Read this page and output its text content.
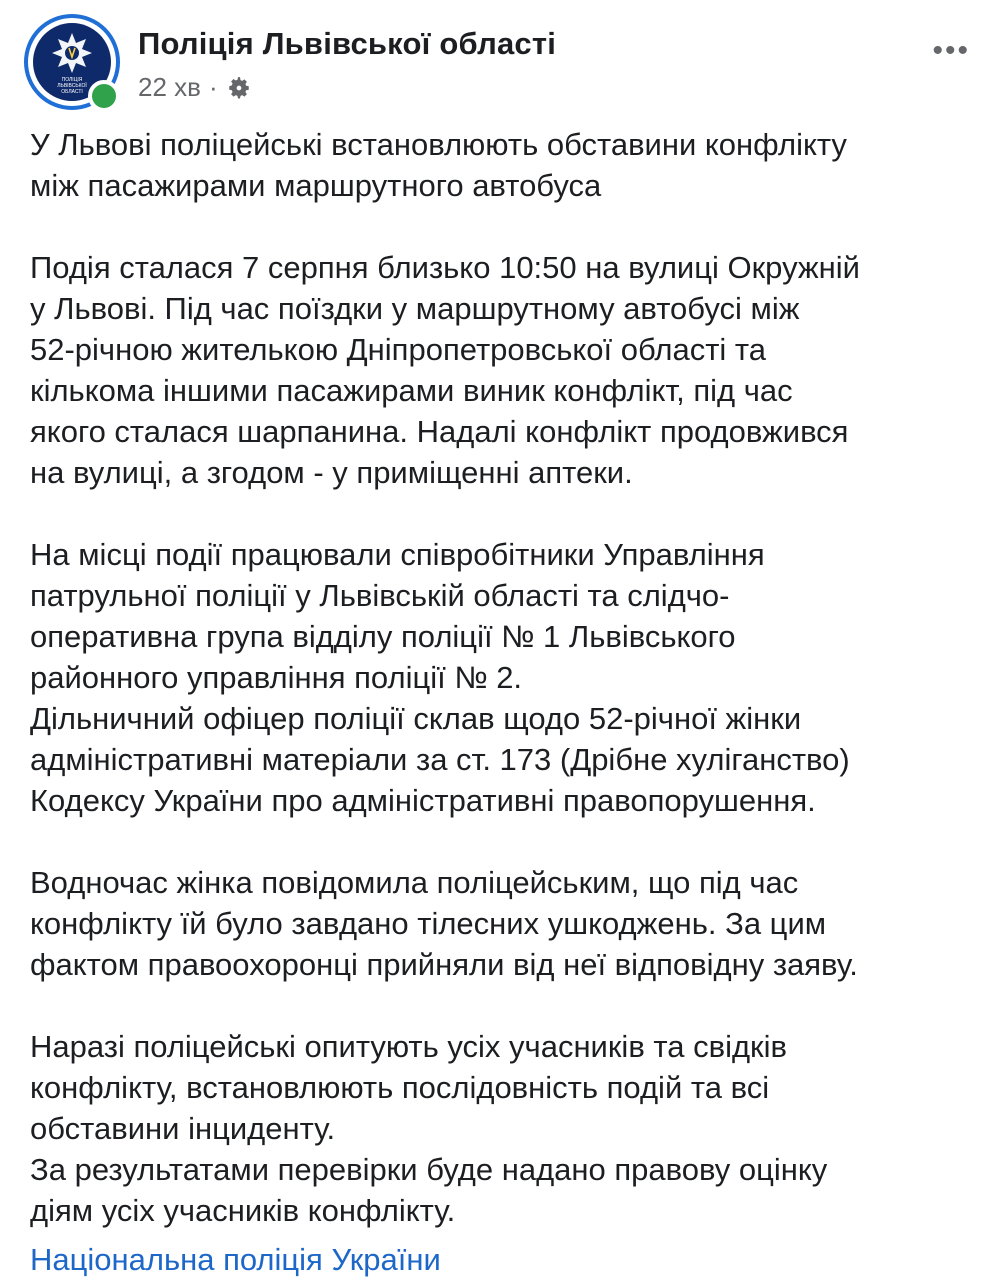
ПОЛІЦІЯ
ЛЬВІВСЬКОЇ
ОБЛАСТІ
Поліція Львівської області
22 хв ·
•••
У Львові поліцейські встановлюють обставини конфлікту
між пасажирами маршрутного автобуса
Подія сталася 7 серпня близько 10:50 на вулиці Окружній
у Львові. Під час поїздки у маршрутному автобусі між
52-річною жителькою Дніпропетровської області та
кількома іншими пасажирами виник конфлікт, під час
якого сталася шарпанина. Надалі конфлікт продовжився
на вулиці, а згодом - у приміщенні аптеки.
На місці події працювали співробітники Управління
патрульної поліції у Львівській області та слідчо-
оперативна група відділу поліції № 1 Львівського
районного управління поліції № 2.
Дільничний офіцер поліції склав щодо 52-річної жінки
адміністративні матеріали за ст. 173 (Дрібне хуліганство)
Кодексу України про адміністративні правопорушення.
Водночас жінка повідомила поліцейським, що під час
конфлікту їй було завдано тілесних ушкоджень. За цим
фактом правоохоронці прийняли від неї відповідну заяву.
Наразі поліцейські опитують усіх учасників та свідків
конфлікту, встановлюють послідовність подій та всі
обставини інциденту.
За результатами перевірки буде надано правову оцінку
діям усіх учасників конфлікту.
Національна поліція України
